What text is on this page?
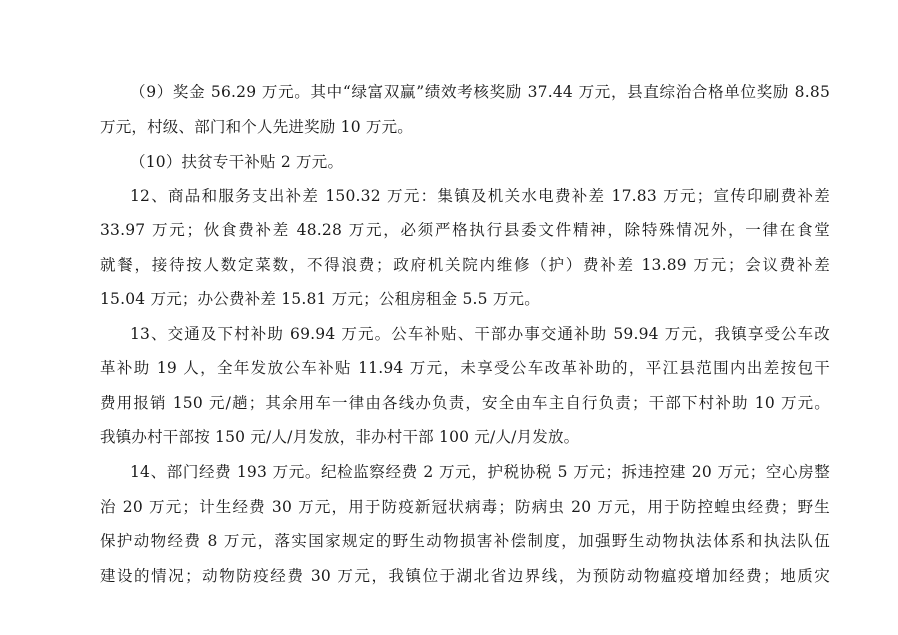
（9）奖金 56.29 万元。其中“绿富双赢”绩效考核奖励 37.44 万元，县直综治合格单位奖励 8.85
万元，村级、部门和个人先进奖励 10 万元。
（10）扶贫专干补贴 2 万元。
12、商品和服务支出补差 150.32 万元：集镇及机关水电费补差 17.83 万元；宣传印刷费补差
33.97 万元；伙食费补差 48.28 万元，必须严格执行县委文件精神，除特殊情况外，一律在食堂
就餐，接待按人数定菜数，不得浪费；政府机关院内维修（护）费补差 13.89 万元；会议费补差
15.04 万元；办公费补差 15.81 万元；公租房租金 5.5 万元。
13、交通及下村补助 69.94 万元。公车补贴、干部办事交通补助 59.94 万元，我镇享受公车改
革补助 19 人，全年发放公车补贴 11.94 万元，未享受公车改革补助的，平江县范围内出差按包干
费用报销 150 元/趟；其余用车一律由各线办负责，安全由车主自行负责；干部下村补助 10 万元。
我镇办村干部按 150 元/人/月发放，非办村干部 100 元/人/月发放。
14、部门经费 193 万元。纪检监察经费 2 万元，护税协税 5 万元；拆违控建 20 万元；空心房整
治 20 万元；计生经费 30 万元，用于防疫新冠状病毒；防病虫 20 万元，用于防控蝗虫经费；野生
保护动物经费 8 万元，落实国家规定的野生动物损害补偿制度，加强野生动物执法体系和执法队伍
建设的情况；动物防疫经费 30 万元，我镇位于湖北省边界线，为预防动物瘟疫增加经费；地质灾
